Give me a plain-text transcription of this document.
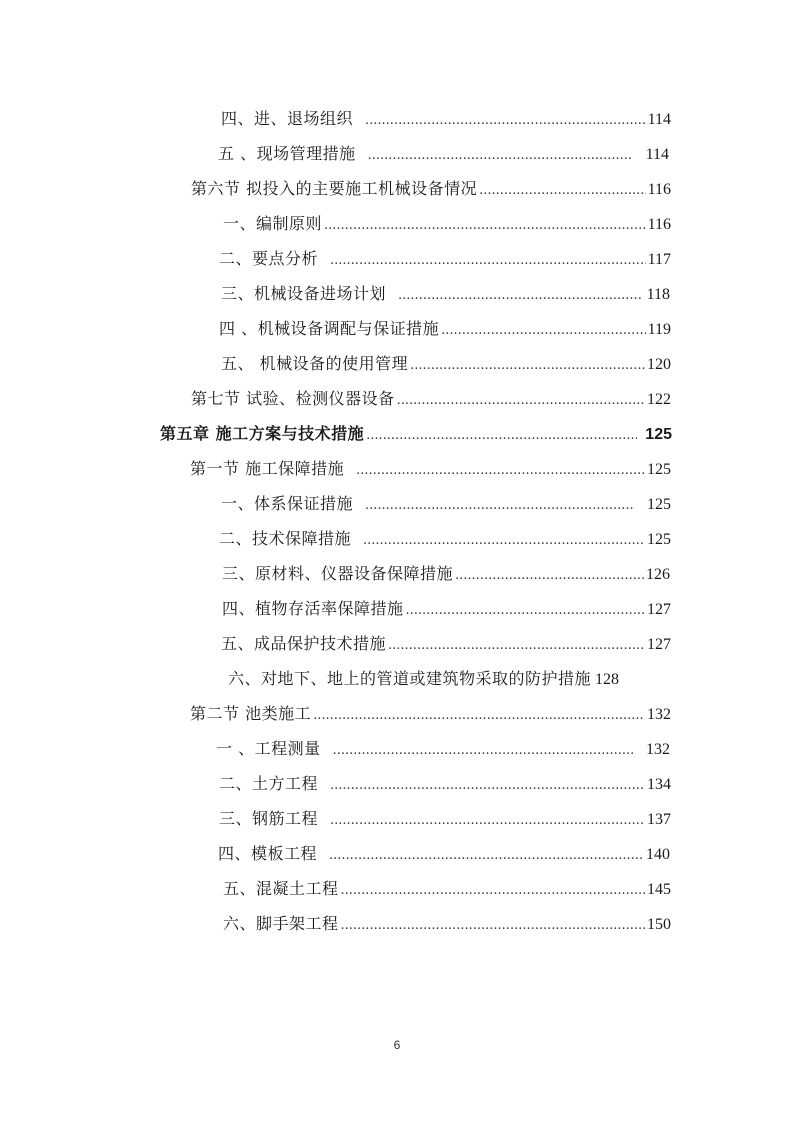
四、进、退场组织 .....	114
五 、现场管理措施 .....	114
第六节 拟投入的主要施工机械设备情况 .....	116
一、编制原则 .....	116
二、要点分析 .....	117
三、机械设备进场计划 .....	118
四 、机械设备调配与保证措施 .....	119
五、 机械设备的使用管理 .....	120
第七节 试验、检测仪器设备 .....	122
第五章 施工方案与技术措施 .....	125
第一节 施工保障措施 .....	125
一、体系保证措施 .....	125
二、技术保障措施 .....	125
三、原材料、仪器设备保障措施 .....	126
四、植物存活率保障措施 .....	127
五、成品保护技术措施 .....	127
六、对地下、地上的管道或建筑物采取的防护措施 128
第二节 池类施工 .....	132
一 、工程测量 .....	132
二、土方工程 .....	134
三、钢筋工程 .....	137
四、模板工程 .....	140
五、混凝土工程 .....	145
六、脚手架工程 .....	150
6
